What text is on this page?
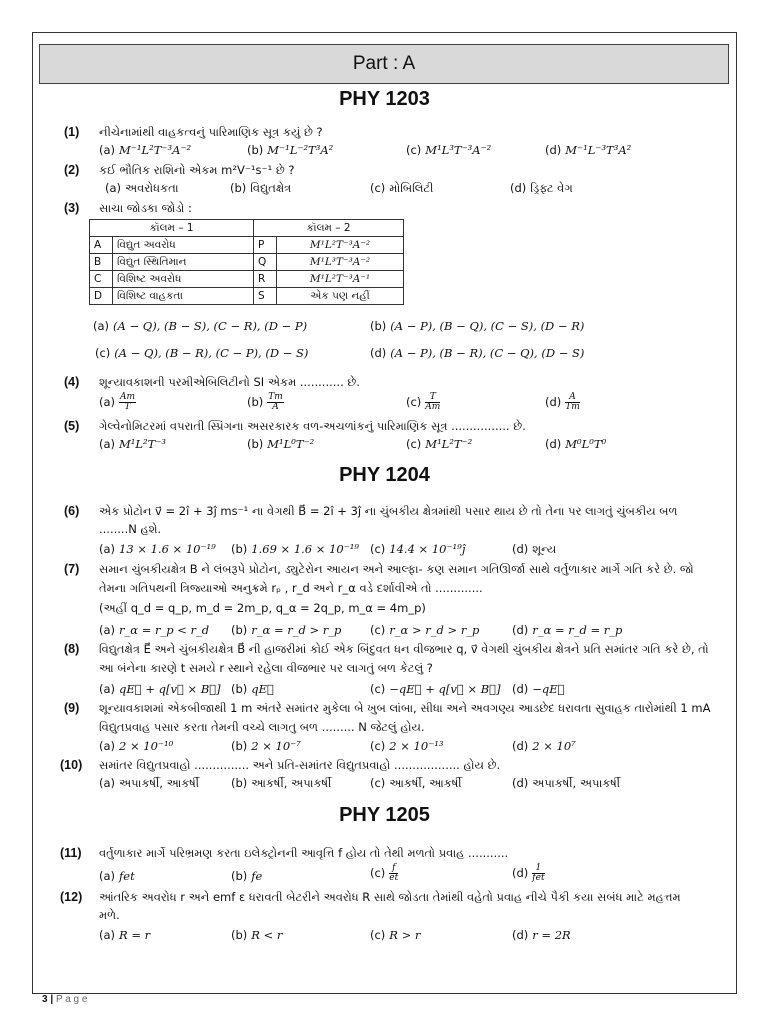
Part : A
PHY 1203
PHY 1204
PHY 1205
(1) નીચેનામાંથી વાહકત્વનું પારિમાણિક સૂત્ર કયું છે ?
(a) M⁻¹L²T⁻³A⁻²	(b) M⁻¹L⁻²T³A²	(c) M¹L³T⁻³A⁻²	(d) M⁻¹L⁻³T³A²
(2) કઈ ભૌતિક રાશિનો એકમ m²V⁻¹s⁻¹ છે ?
(a) અવરોધકતા	(b) વિદ્યુતક્ષેત્ર	(c) મોબિલિટી	(d) ડ્રિફ્ટ વેગ
(3) સાચા જોડકા જોડો :
કૉલમ – 1		કૉલમ – 2	
A	વિદ્યુત અવરોધ	P	M¹L²T⁻³A⁻²
B	વિદ્યુત સ્થિતિમાન	Q	M¹L³T⁻³A⁻²
C	વિશિષ્ટ અવરોધ	R	M¹L²T⁻³A⁻¹
D	વિશિષ્ટ વાહકતા	S	એક પણ નહીં
(a) (A − Q), (B − S), (C − R), (D − P)	(b) (A − P), (B − Q), (C − S), (D − R)
(c) (A − Q), (B − R), (C − P), (D − S)	(d) (A − P), (B − R), (C − Q), (D − S)
(4) શૂન્યાવકાશની પરમીએબિલિટીનો SI એકમ ............ છે.
$(a) \frac{Am}{T}$	$(b) \frac{Tm}{A}$	$(c) \frac{T}{Am}$	$(d) \frac{A}{Tm}$
(5) ગેલ્વેનોમિટરમાં વપરાતી સ્પ્રિંગના અસરકારક વળ-અચળાંકનું પારિમાણિક સૂત્ર ................ છે.
(a) M¹L²T⁻³	(b) M¹L⁰T⁻²	(c) M¹L²T⁻²	(d) M⁰L⁰T⁰
(6) એક પ્રોટોન v⃗ = 2î + 3ĵ ms⁻¹ ના વેગથી B⃗ = 2î + 3ĵ ના ચુંબકીય ક્ષેત્રમાંથી પસાર થાય છે તો તેના પર લાગતું ચુંબકીય બળ
........N હશે.
(a) 13 × 1.6 × 10⁻¹⁹ (b) 1.69 × 1.6 × 10⁻¹⁹ (c) 14.4 × 10⁻¹⁹ĵ	(d) શૂન્ય
(7) સમાન ચુંબકીયક્ષેત્ર B ને લંબરૂપે પ્રોટોન, ડ્યુટેરોન આયન અને આલ્ફા- કણ સમાન ગતિઊર્જા સાથે વર્તુળાકાર માર્ગે ગતિ કરે છે. જો
તેમના ગતિપથની ત્રિજ્યાઓ અનુક્રમે rₚ , r_d અને r_α વડે દર્શાવીએ તો .............
(અહીં q_d = q_p, m_d = 2m_p, q_α = 2q_p, m_α = 4m_p)
(a) r_α = r_p < r_d (b) r_α = r_d > r_p (c) r_α > r_d > r_p	(d) r_α = r_d = r_p
(8) વિદ્યુતક્ષેત્ર E⃗ અને ચુંબકીયક્ષેત્ર B⃗ ની હાજરીમાં કોઈ એક બિંદુવત ધન વીજભાર q, v⃗ વેગથી ચુંબકીય ક્ષેત્રને પ્રતિ સમાંતર ગતિ કરે છે, તો
આ બંનેના કારણે t સમયે r સ્થાને રહેલા વીજભાર પર લાગતું બળ કેટલું ?
(a) qE⃗ + q[v⃗ × B⃗] (b) qE⃗	(c) −qE⃗ + q[v⃗ × B⃗] (d) −qE⃗
(9) શૂન્યાવકાશમાં એકબીજાથી 1 m અંતરે સમાંતર મુકેલા બે ખુબ લાંબા, સીધા અને અવગણ્ય આડછેદ ધરાવતા સુવાહક તારોમાંથી 1 mA
વિદ્યુતપ્રવાહ પસાર કરતા તેમની વચ્ચે લાગતુ બળ ......... N જેટલું હોય.
(a) 2 × 10⁻¹⁰	(b) 2 × 10⁻⁷	(c) 2 × 10⁻¹³	(d) 2 × 10⁷
(10) સમાંતર વિદ્યુતપ્રવાહો ............... અને પ્રતિ-સમાંતર વિદ્યુતપ્રવાહો .................. હોય છે.
(a) અપાકર્ષી, આકર્ષી	(b) આકર્ષી, અપાકર્ષી	(c) આકર્ષી, આકર્ષી	(d) અપાકર્ષી, અપાકર્ષી
(11) વર્તુળાકાર માર્ગે પરિભ્રમણ કરતા ઇલેક્ટ્રોનની આવૃત્તિ f હોય તો તેથી મળતો પ્રવાહ ...........
(a) fet	(b) fe	$(c) \frac{f}{et}$	$(d) \frac{1}{\text{fet}}$
(12) આંતરિક અવરોધ r અને emf ε ધરાવતી બેટરીને અવરોધ R સાથે જોડતા તેમાંથી વહેતો પ્રવાહ નીચે પૈકી કયા સબંધ માટે મહત્તમ
મળે.
(a) R = r	(b) R < r	(c) R > r	(d) r = 2R
3 | P a g e
